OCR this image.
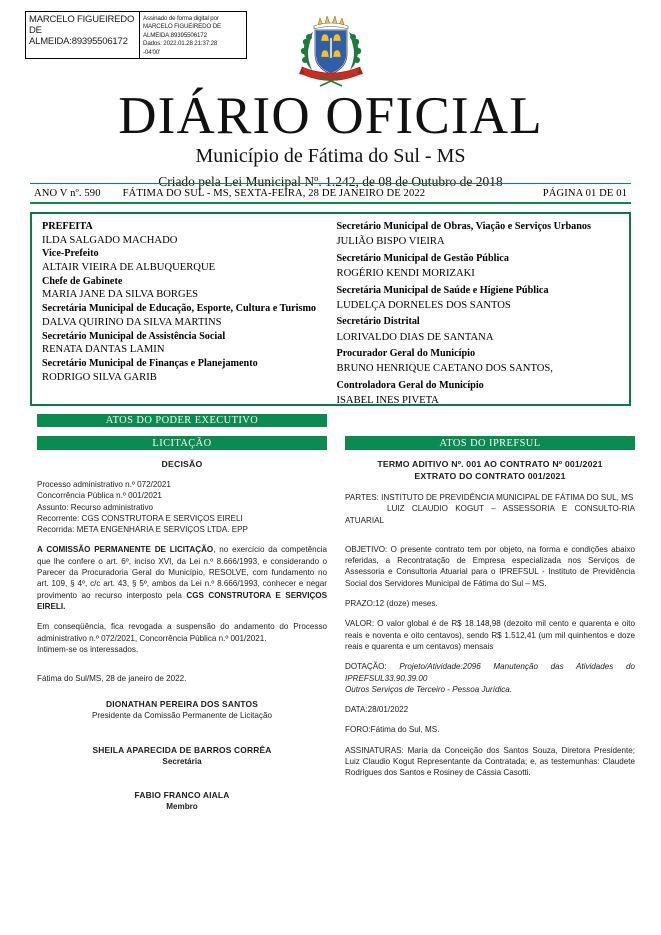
MARCELO FIGUEIREDO
DE
ALMEIDA:89395506172
Assinado de forma digital por
MARCELO FIGUEIREDO DE
ALMEIDA:89395506172
Dados: 2022.01.28 21:37:28
-04'00'
DIÁRIO OFICIAL

Município de Fátima do Sul - MS

Criado pela Lei Municipal Nº. 1.242, de 08 de Outubro de 2018

ANO V nº. 590	FÁTIMA DO SUL - MS, SEXTA-FEIRA, 28 DE JANEIRO DE 2022	PÁGINA 01 DE 01

PREFEITA

ILDA SALGADO MACHADO

Vice-Prefeito

ALTAIR VIEIRA DE ALBUQUERQUE

Chefe de Gabinete

MARIA JANE DA SILVA BORGES

Secretária Municipal de Educação, Esporte, Cultura e Turismo

DALVA QUIRINO DA SILVA MARTINS

Secretário Municipal de Assistência Social

RENATA DANTAS LAMIN

Secretário Municipal de Finanças e Planejamento

RODRIGO SILVA GARIB

Secretário Municipal de Obras, Viação e Serviços Urbanos

JULIÃO BISPO VIEIRA

Secretário Municipal de Gestão Pública

ROGÉRIO KENDI MORIZAKI

Secretária Municipal de Saúde e Higiene Pública

LUDELÇA DORNELES DOS SANTOS

Secretário Distrital

LORIVALDO DIAS DE SANTANA

Procurador Geral do Município

BRUNO HENRIQUE CAETANO DOS SANTOS,

Controladora Geral do Município

ISABEL INES PIVETA

ATOS DO PODER EXECUTIVO
LICITAÇÃO	ATOS DO IPREFSUL

DECISÃO

Processo administrativo n.º 072/2021

Concorrência Pública n.º 001/2021

Assunto: Recurso administrativo

Recorrente: CGS CONSTRUTORA E SERVIÇOS EIRELI

Recorrida: META ENGENHARIA E SERVIÇOS LTDA. EPP

A COMISSÃO PERMANENTE DE LICITAÇÃO, no exercício da competência que lhe confere o art. 6º, inciso XVI, da Lei n.º 8.666/1993, e considerando o Parecer da Procuradoria Geral do Município, RESOLVE, com fundamento no art. 109, § 4º, c/c art. 43, § 5º, ambos da Lei n.º 8.666/1993, conhecer e negar provimento ao recurso interposto pela CGS CONSTRUTORA E SERVIÇOS EIRELI.

Em conseqüência, fica revogada a suspensão do andamento do Processo administrativo n.º 072/2021, Concorrência Pública n.º 001/2021.

Intimem-se os interessados.

Fátima do Sul/MS, 28 de janeiro de 2022.

DIONATHAN PEREIRA DOS SANTOS
Presidente da Comissão Permanente de Licitação
SHEILA APARECIDA DE BARROS CORRÊA
Secretária
FABIO FRANCO AIALA
Membro

TERMO ADITIVO Nº. 001 AO CONTRATO Nº 001/2021

EXTRATO DO CONTRATO 001/2021

PARTES: INSTITUTO DE PREVIDÊNCIA MUNICIPAL DE FÁTIMA DO SUL, MS

LUIZ CLAUDIO KOGUT – ASSESSORIA E CONSULTO-RIA ATUARIAL

OBJETIVO: O presente contrato tem por objeto, na forma e condições abaixo referidas, a Recontratação de Empresa especializada nos Serviços de Assessoria e Consultoria Atuarial para o IPREFSUL - Instituto de Previdência Social dos Servidores Municipal de Fátima do Sul – MS.

PRAZO:12 (doze) meses.

VALOR: O valor global é de R$ 18.148,98 (dezoito mil cento e quarenta e oito reais e noventa e oito centavos), sendo R$ 1.512,41 (um mil quinhentos e doze reais e quarenta e um centavos) mensais

DOTAÇÃO: Projeto/Atividade:2096 Manutenção das Atividades do IPREFSUL33.90.39.00

Outros Serviços de Terceiro - Pessoa Jurídica.

DATA:28/01/2022

FORO:Fátima do Sul, MS.

ASSINATURAS: Maria da Conceição dos Santos Souza, Diretora Presidente; Luiz Claudio Kogut Representante da Contratada; e, as testemunhas: Claudete Rodrigues dos Santos e Rosiney de Cássia Casotti.
